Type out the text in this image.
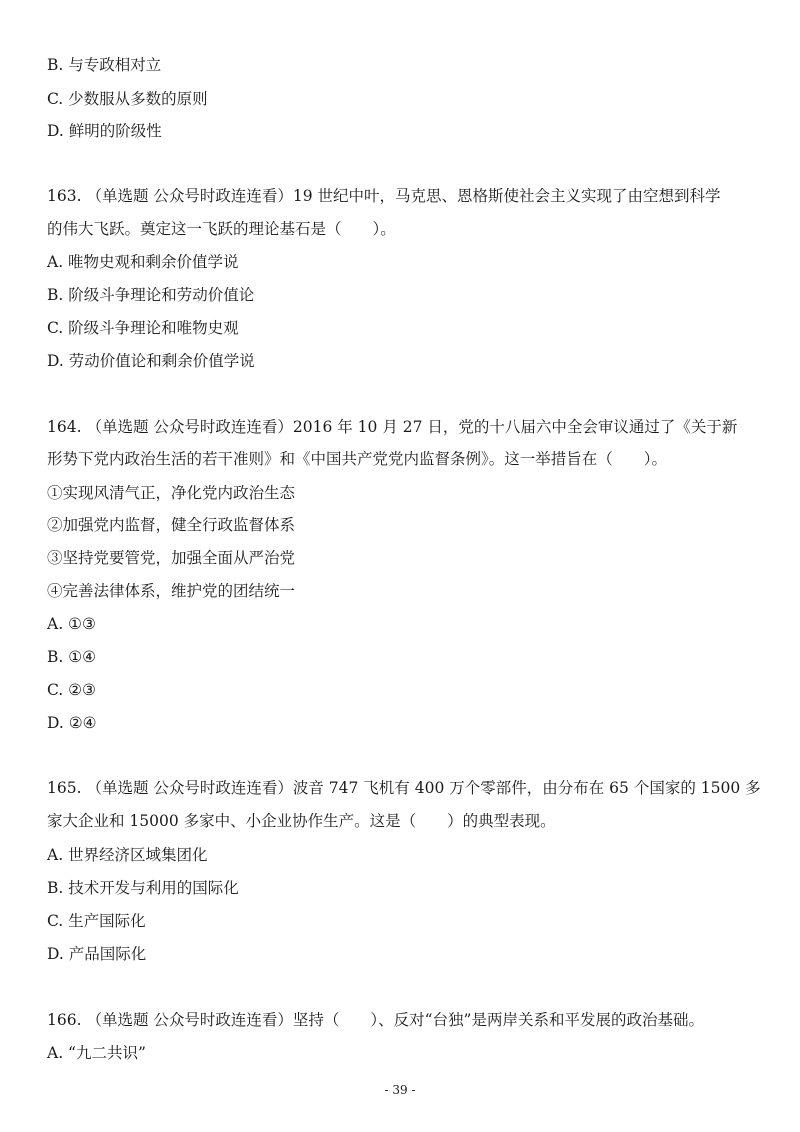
B. 与专政相对立
C. 少数服从多数的原则
D. 鲜明的阶级性
163. （单选题 公众号时政连连看）19 世纪中叶，马克思、恩格斯使社会主义实现了由空想到科学
的伟大飞跃。奠定这一飞跃的理论基石是（　　）。
A. 唯物史观和剩余价值学说
B. 阶级斗争理论和劳动价值论
C. 阶级斗争理论和唯物史观
D. 劳动价值论和剩余价值学说
164. （单选题 公众号时政连连看）2016 年 10 月 27 日，党的十八届六中全会审议通过了《关于新
形势下党内政治生活的若干准则》和《中国共产党党内监督条例》。这一举措旨在（　　）。
①实现风清气正，净化党内政治生态
②加强党内监督，健全行政监督体系
③坚持党要管党，加强全面从严治党
④完善法律体系，维护党的团结统一
A. ①③
B. ①④
C. ②③
D. ②④
165. （单选题 公众号时政连连看）波音 747 飞机有 400 万个零部件，由分布在 65 个国家的 1500 多
家大企业和 15000 多家中、小企业协作生产。这是（　　）的典型表现。
A. 世界经济区域集团化
B. 技术开发与利用的国际化
C. 生产国际化
D. 产品国际化
166. （单选题 公众号时政连连看）坚持（　　）、反对“台独”是两岸关系和平发展的政治基础。
A. “九二共识”
- 39 -
